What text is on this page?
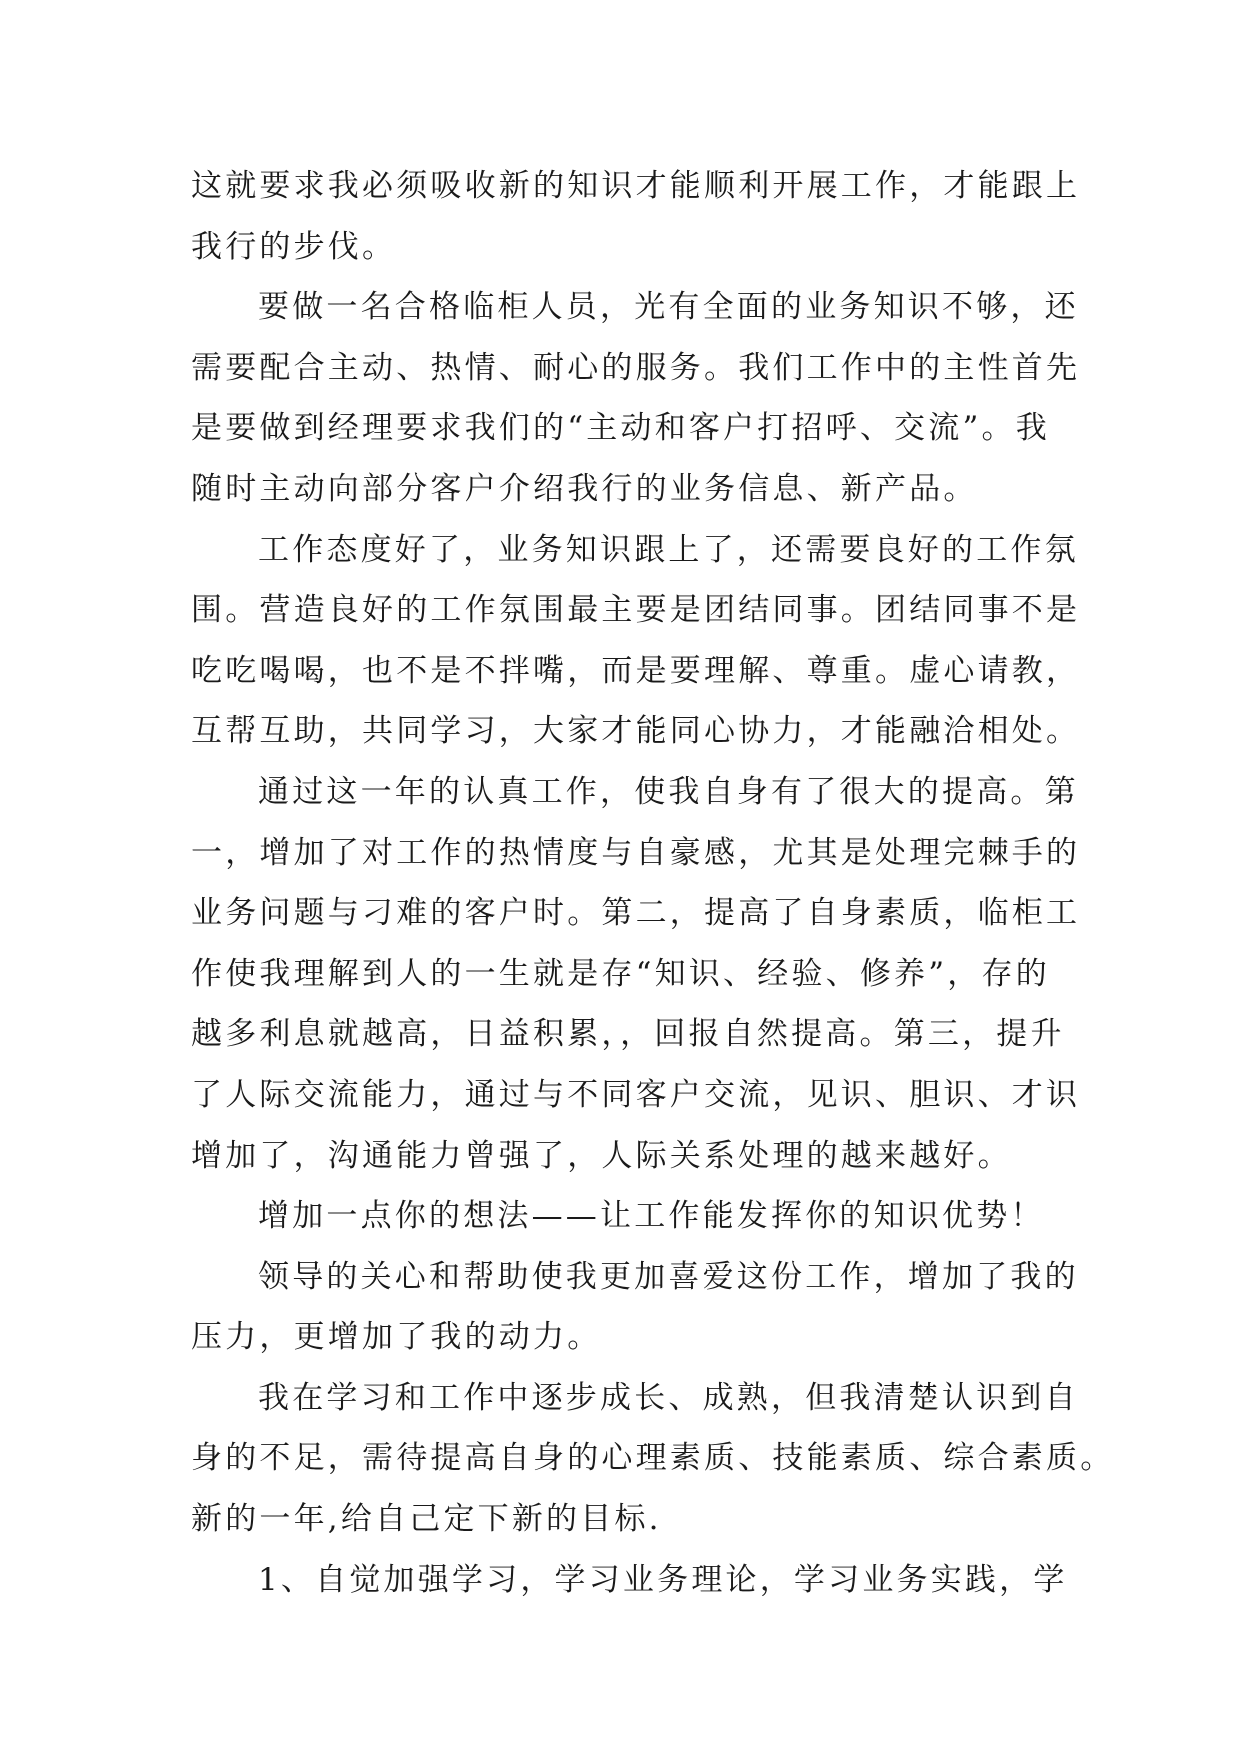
这就要求我必须吸收新的知识才能顺利开展工作，才能跟上
我行的步伐。
要做一名合格临柜人员，光有全面的业务知识不够，还
需要配合主动、热情、耐心的服务。我们工作中的主性首先
是要做到经理要求我们的“主动和客户打招呼、交流”。我
随时主动向部分客户介绍我行的业务信息、新产品。
工作态度好了，业务知识跟上了，还需要良好的工作氛
围。营造良好的工作氛围最主要是团结同事。团结同事不是
吃吃喝喝，也不是不拌嘴，而是要理解、尊重。虚心请教，
互帮互助，共同学习，大家才能同心协力，才能融洽相处。
通过这一年的认真工作，使我自身有了很大的提高。第
一，增加了对工作的热情度与自豪感，尤其是处理完棘手的
业务问题与刁难的客户时。第二，提高了自身素质，临柜工
作使我理解到人的一生就是存“知识、经验、修养”，存的
越多利息就越高，日益积累，，回报自然提高。第三，提升
了人际交流能力，通过与不同客户交流，见识、胆识、才识
增加了，沟通能力曾强了，人际关系处理的越来越好。
增加一点你的想法——让工作能发挥你的知识优势！
领导的关心和帮助使我更加喜爱这份工作，增加了我的
压力，更增加了我的动力。
我在学习和工作中逐步成长、成熟，但我清楚认识到自
身的不足，需待提高自身的心理素质、技能素质、综合素质。
新的一年,给自己定下新的目标.
1、自觉加强学习，学习业务理论，学习业务实践，学
